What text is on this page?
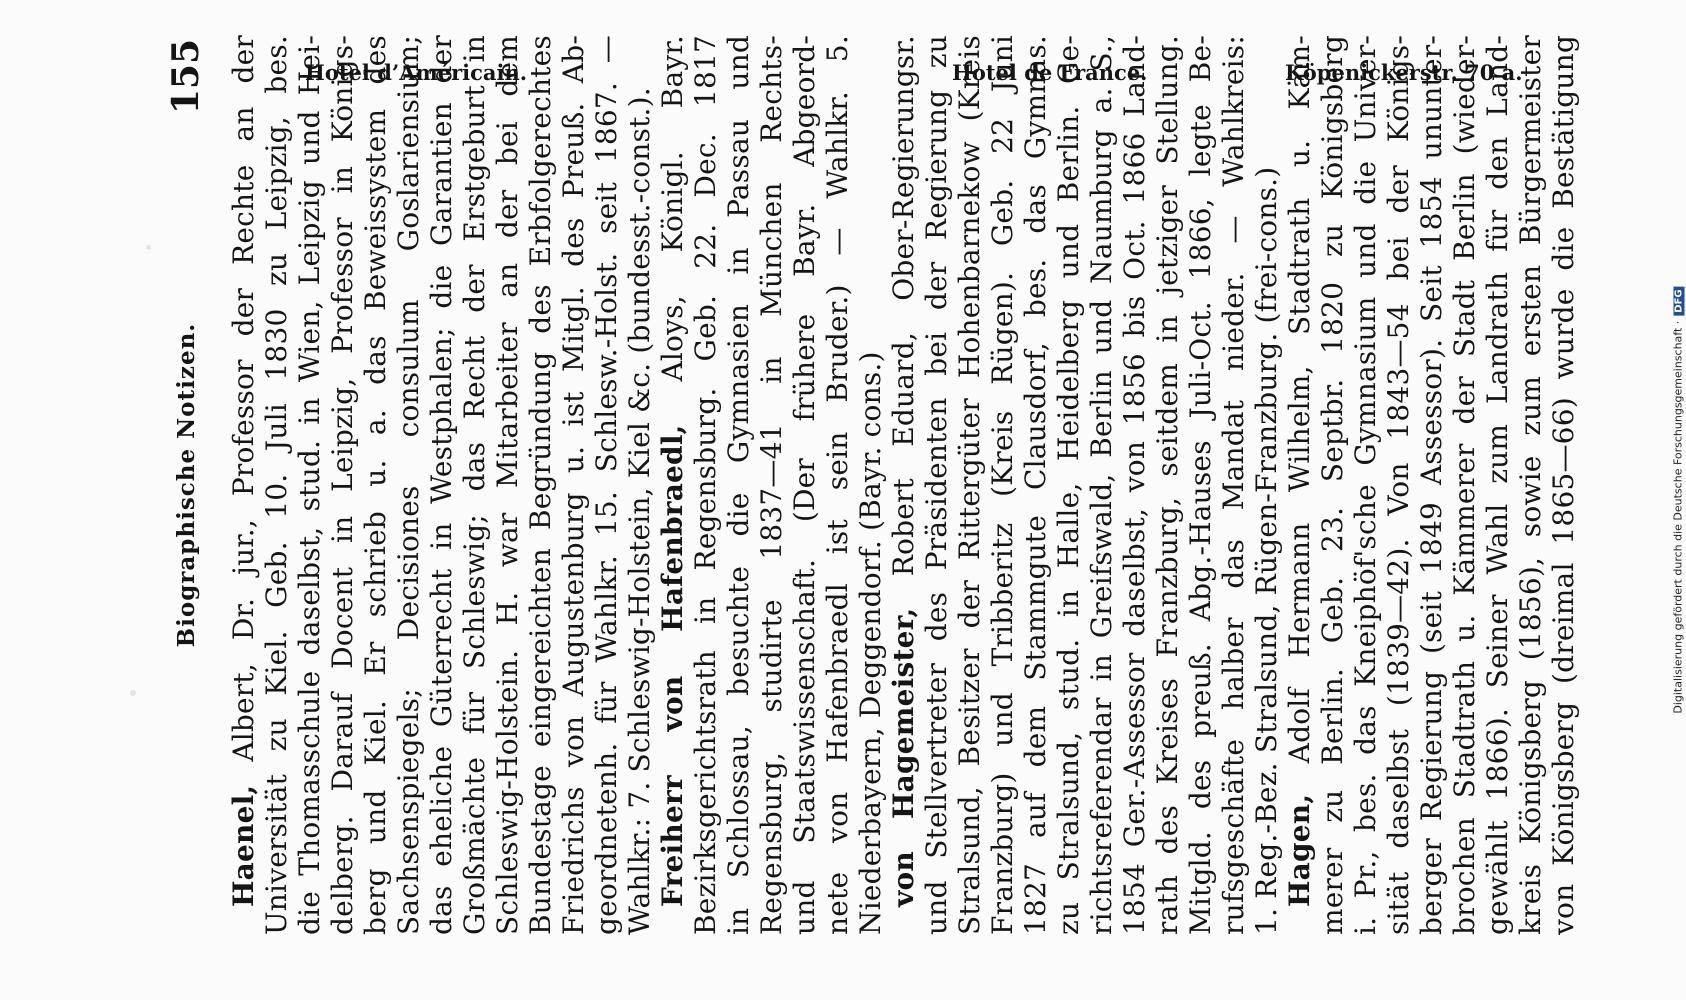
Hotel d’Américain.	Hotel de France.	Köpenickerstr. 70 a.
Digitalisierung gefördert durch die Deutsche Forschungsgemeinschaft ·DFG
Biographische Notizen.
155

Haenel, Albert, Dr. jur., Professor der Rechte an der Universität zu Kiel. Geb. 10. Juli 1830 zu Leipzig, bes. die Thomasschule daselbst, stud. in Wien, Leipzig und Hei- delberg. Darauf Docent in Leipzig, Professor in Königs- berg und Kiel. Er schrieb u. a. das Beweissystem des Sachsenspiegels; Decisiones consulum Goslariensium; das eheliche Güterrecht in Westphalen; die Garantien der Großmächte für Schleswig; das Recht der Erstgeburt in Schleswig-Holstein. H. war Mitarbeiter an der bei dem Bundestage eingereichten Begründung des Erbfolgerechtes Friedrichs von Augustenburg u. ist Mitgl. des Preuß. Ab- geordnetenh. für Wahlkr. 15. Schlesw.-Holst. seit 1867. — Wahlkr.: 7. Schleswig-Holstein, Kiel &c. (bundesst.-const.). Freiherr von Hafenbraedl, Aloys, Königl. Bayr. Bezirksgerichtsrath in Regensburg. Geb. 22. Dec. 1817 in Schlossau, besuchte die Gymnasien in Passau und Regensburg, studirte 1837—41 in München Rechts- und Staatswissenschaft. (Der frühere Bayr. Abgeord- nete von Hafenbraedl ist sein Bruder.) — Wahlkr. 5. Niederbayern, Deggendorf. (Bayr. cons.) von Hagemeister, Robert Eduard, Ober-Regierungsr. und Stellvertreter des Präsidenten bei der Regierung zu Stralsund, Besitzer der Rittergüter Hohenbarnekow (Kreis Franzburg) und Tribberitz (Kreis Rügen). Geb. 22 Juni 1827 auf dem Stammgute Clausdorf, bes. das Gymnas. zu Stralsund, stud. in Halle, Heidelberg und Berlin. Ge- richtsreferendar in Greifswald, Berlin und Naumburg a. S., 1854 Ger.-Assessor daselbst, von 1856 bis Oct. 1866 Land- rath des Kreises Franzburg, seitdem in jetziger Stellung. Mitgld. des preuß. Abg.-Hauses Juli-Oct. 1866, legte Be- rufsgeschäfte halber das Mandat nieder. — Wahlkreis: 1. Reg.-Bez. Stralsund, Rügen-Franzburg. (frei-cons.) Hagen, Adolf Hermann Wilhelm, Stadtrath u. Käm- merer zu Berlin. Geb. 23. Septbr. 1820 zu Königsberg i. Pr., bes. das Kneiphöf'sche Gymnasium und die Univer- sität daselbst (1839—42). Von 1843—54 bei der Königs- berger Regierung (seit 1849 Assessor). Seit 1854 ununter- brochen Stadtrath u. Kämmerer der Stadt Berlin (wieder- gewählt 1866). Seiner Wahl zum Landrath für den Land- kreis Königsberg (1856), sowie zum ersten Bürgermeister von Königsberg (dreimal 1865—66) wurde die Bestätigung
